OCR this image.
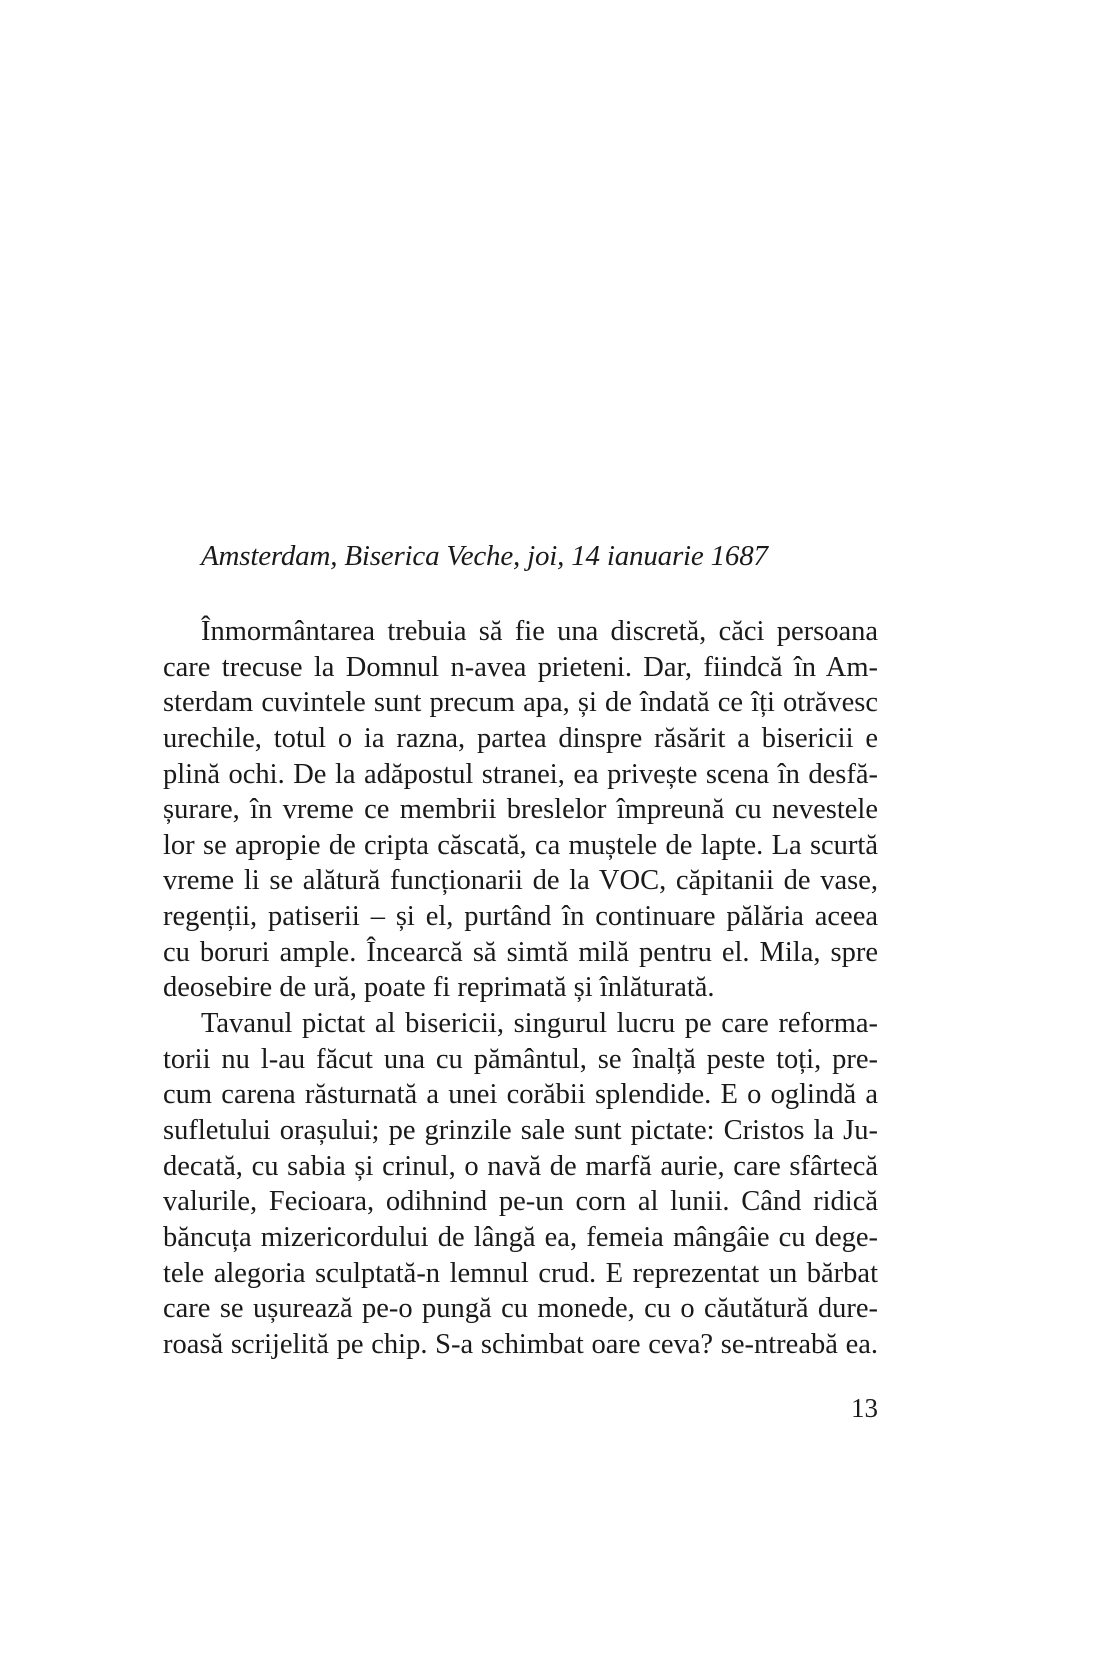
Amsterdam, Biserica Veche, joi, 14 ianuarie 1687
Înmormântarea trebuia să fie una discretă, căci persoana
care trecuse la Domnul n-avea prieteni. Dar, fiindcă în Am-
sterdam cuvintele sunt precum apa, și de îndată ce îți otrăvesc
urechile, totul o ia razna, partea dinspre răsărit a bisericii e
plină ochi. De la adăpostul stranei, ea privește scena în desfă-
șurare, în vreme ce membrii breslelor împreună cu nevestele
lor se apropie de cripta căscată, ca muștele de lapte. La scurtă
vreme li se alătură funcționarii de la VOC, căpitanii de vase,
regenții, patiserii – și el, purtând în continuare pălăria aceea
cu boruri ample. Încearcă să simtă milă pentru el. Mila, spre
deosebire de ură, poate fi reprimată și înlăturată.
Tavanul pictat al bisericii, singurul lucru pe care reforma-
torii nu l-au făcut una cu pământul, se înalță peste toți, pre-
cum carena răsturnată a unei corăbii splendide. E o oglindă a
sufletului orașului; pe grinzile sale sunt pictate: Cristos la Ju-
decată, cu sabia și crinul, o navă de marfă aurie, care sfârtecă
valurile, Fecioara, odihnind pe-un corn al lunii. Când ridică
băncuța mizericordului de lângă ea, femeia mângâie cu dege-
tele alegoria sculptată-n lemnul crud. E reprezentat un bărbat
care se ușurează pe-o pungă cu monede, cu o căutătură dure-
roasă scrijelită pe chip. S-a schimbat oare ceva? se-ntreabă ea.
13
